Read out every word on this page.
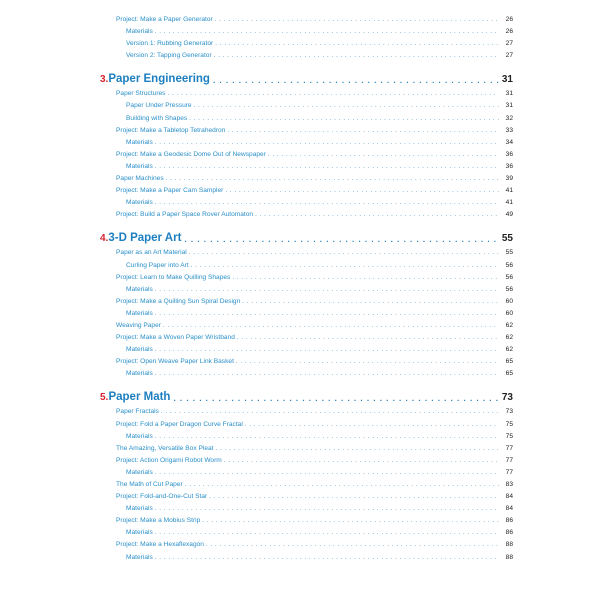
Project: Make a Paper Generator . . .	26
Materials . . .	26
Version 1: Rubbing Generator . . .	27
Version 2: Tapping Generator . . .	27
3. Paper Engineering . . .	31
Paper Structures . . .	31
Paper Under Pressure . . .	31
Building with Shapes . . .	32
Project: Make a Tabletop Tetrahedron . . .	33
Materials . . .	34
Project: Make a Geodesic Dome Out of Newspaper . . .	36
Materials . . .	36
Paper Machines . . .	39
Project: Make a Paper Cam Sampler . . .	41
Materials . . .	41
Project: Build a Paper Space Rover Automaton . . .	49
4. 3-D Paper Art . . .	55
Paper as an Art Material . . .	55
Curling Paper into Art . . .	56
Project: Learn to Make Quilling Shapes . . .	56
Materials . . .	56
Project: Make a Quilling Sun Spiral Design . . .	60
Materials . . .	60
Weaving Paper . . .	62
Project: Make a Woven Paper Wristband . . .	62
Materials . . .	62
Project: Open Weave Paper Link Basket . . .	65
Materials . . .	65
5. Paper Math . . .	73
Paper Fractals . . .	73
Project: Fold a Paper Dragon Curve Fractal . . .	75
Materials . . .	75
The Amazing, Versatile Box Pleat . . .	77
Project: Action Origami Robot Worm . . .	77
Materials . . .	77
The Math of Cut Paper . . .	83
Project: Fold-and-One-Cut Star . . .	84
Materials . . .	84
Project: Make a Mobius Strip . . .	86
Materials . . .	86
Project: Make a Hexaflexagon . . .	88
Materials . . .	88
